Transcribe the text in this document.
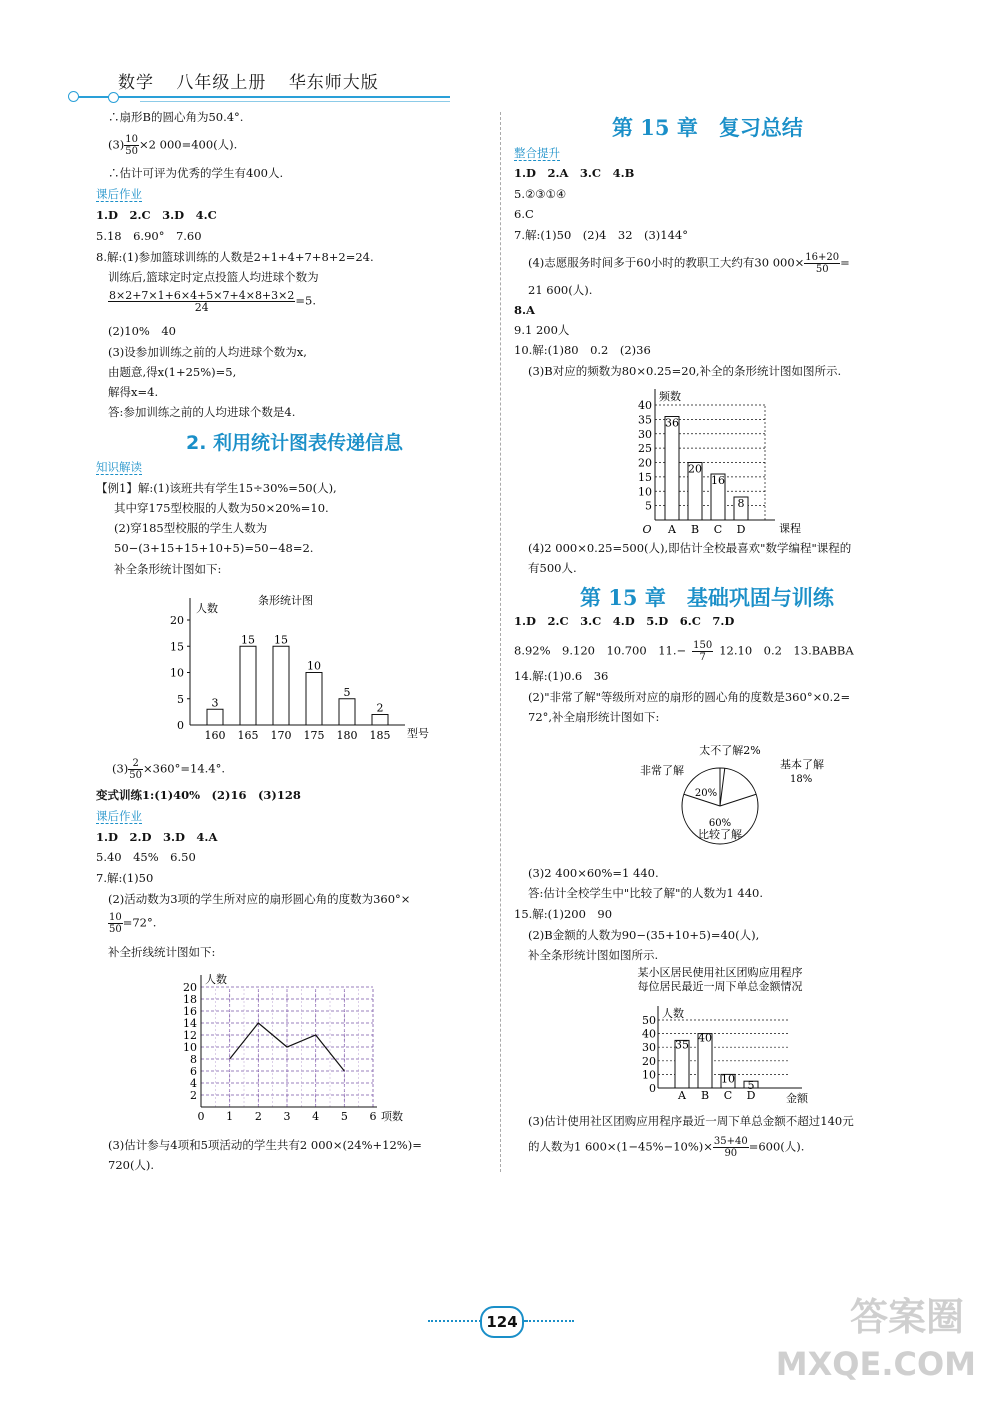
数学 八年级上册 华东师大版
∴扇形B的圆心角为50.4°.
$(3) \frac{10}{50} \times 2$ 000=400(人).
∴估计可评为优秀的学生有400人.
课后作业
1.D　2.C　3.D　4.C
5.18　6.90°　7.60
8.解:(1)参加篮球训练的人数是2+1+4+7+8+2=24.
训练后,篮球定时定点投篮人均进球个数为
$\frac{8\times 2+7\times 1+6\times 4+5\times 7+4\times 8+3\times 2}{24} =5$.
(2)10%　40
(3)设参加训练之前的人均进球个数为x,
由题意,得x(1+25%)=5,
解得x=4.
答:参加训练之前的人均进球个数是4.
2. 利用统计图表传递信息
知识解读
【例1】解:(1)该班共有学生15÷30%=50(人),
其中穿175型校服的人数为50×20%=10.
(2)穿185型校服的学生人数为
50−(3+15+15+10+5)=50−48=2.
补全条形统计图如下:
人数
条形统计图
型号
0
5
10
15
20
3
160
15
165
15
170
10
175
5
180
2
185
$(3) \frac{2}{50} \times 360^\circ=14.4^\circ$.
变式训练1:(1)40%　(2)16　(3)128
课后作业
1.D　2.D　3.D　4.A
5.40　45%　6.50
7.解:(1)50
(2)活动数为3项的学生所对应的扇形圆心角的度数为360°×
$\frac{10}{50} =72^\circ$.
补全折线统计图如下:
人数
项数
2
4
6
8
10
12
14
16
18
20
0 1 2 3 4 5 6
(3)估计参与4项和5项活动的学生共有2 000×(24%+12%)=
720(人).
第 15 章　复习总结
整合提升
1.D　2.A　3.C　4.B
5.②③①④
6.C
7.解:(1)50　(2)4　32　(3)144°
(4)志愿服务时间多于60小时的教职工大约有30 $000\times \frac{16+20}{50}$ =
21 600(人).
8.A
9.1 200人
10.解:(1)80　0.2　(2)36
(3)B对应的频数为80×0.25=20,补全的条形统计图如图所示.
频数
课程
5
10
15
20
25
30
35
40
O
36
A
20
B
16
C
8
D
(4)2 000×0.25=500(人),即估计全校最喜欢"数学编程"课程的
有500人.
第 15 章　基础巩固与训练
1.D　2.C　3.C　4.D　5.D　6.C　7.D
8.92%　9.120　10.700　$11.- \frac{150}{7} 12.10$　0.2　13.BABBA
14.解:(1)0.6　36
(2)"非常了解"等级所对应的扇形的圆心角的度数是360°×0.2=
72°,补全扇形统计图如下:
20%
非常了解
太不了解2%
基本了解
18%
60%
比较了解
(3)2 400×60%=1 440.
答:估计全校学生中"比较了解"的人数为1 440.
15.解:(1)200　90
(2)B金额的人数为90−(35+10+5)=40(人),
补全条形统计图如图所示.
某小区居民使用社区团购应用程序
每位居民最近一周下单总金额情况
人数
金额
0
10
20
30
40
50
35
A
40
B
10
C
5
D
(3)估计使用社区团购应用程序最近一周下单总金额不超过140元
的人数为1 $600\times(1-45\%-10\%)\times \frac{35+40}{90} =600$(人).
124	答案圈
MXQE.COM
